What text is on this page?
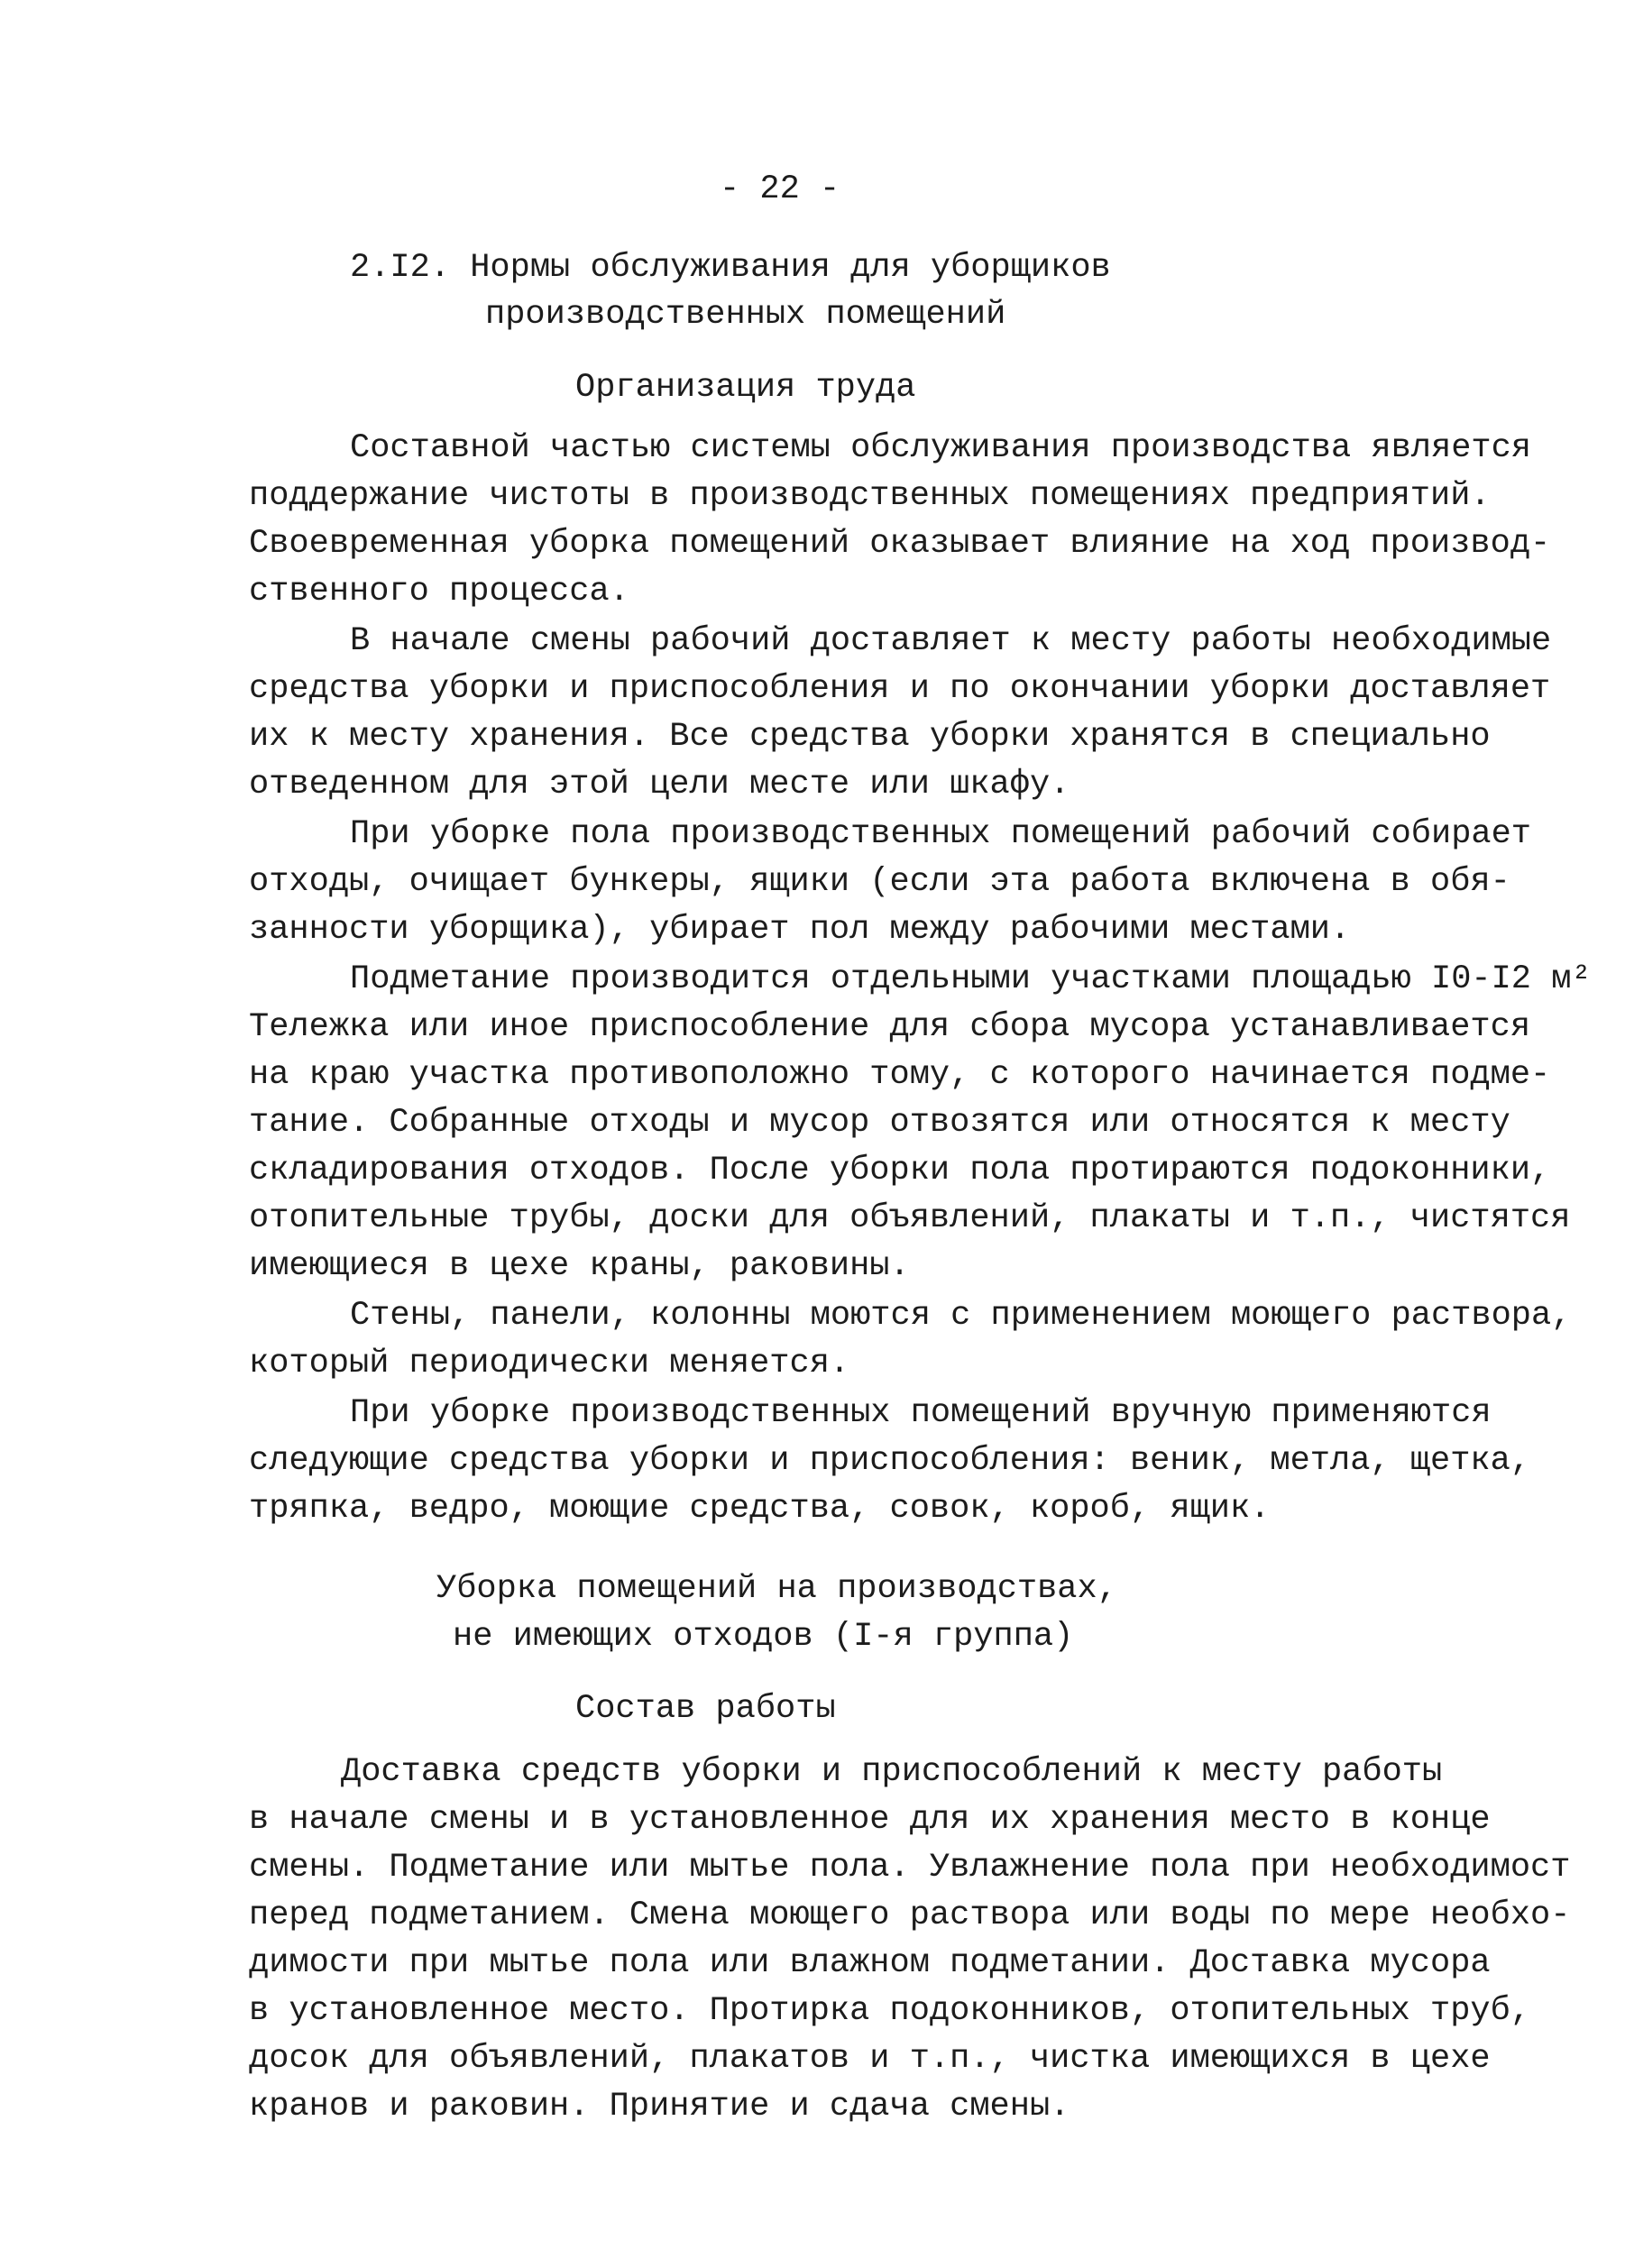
- 22 -
2.I2. Нормы обслуживания для уборщиков
производственных помещений
Организация труда
Составной частью системы обслуживания производства является
поддержание чистоты в производственных помещениях предприятий.
Своевременная уборка помещений оказывает влияние на ход производ-
ственного процесса.
В начале смены рабочий доставляет к месту работы необходимые
средства уборки и приспособления и по окончании уборки доставляет
их к месту хранения. Все средства уборки хранятся в специально
отведенном для этой цели месте или шкафу.
При уборке пола производственных помещений рабочий собирает
отходы, очищает бункеры, ящики (если эта работа включена в обя-
занности уборщика), убирает пол между рабочими местами.
Подметание производится отдельными участками площадью I0-I2 м²
Тележка или иное приспособление для сбора мусора устанавливается
на краю участка противоположно тому, с которого начинается подме-
тание. Собранные отходы и мусор отвозятся или относятся к месту
складирования отходов. После уборки пола протираются подоконники,
отопительные трубы, доски для объявлений, плакаты и т.п., чистятся
имеющиеся в цехе краны, раковины.
Стены, панели, колонны моются с применением моющего раствора,
который периодически меняется.
При уборке производственных помещений вручную применяются
следующие средства уборки и приспособления: веник, метла, щетка,
тряпка, ведро, моющие средства, совок, короб, ящик.
Уборка помещений на производствах,
не имеющих отходов (I-я группа)
Состав работы
Доставка средств уборки и приспособлений к месту работы
в начале смены и в установленное для их хранения место в конце
смены. Подметание или мытье пола. Увлажнение пола при необходимост
перед подметанием. Смена моющего раствора или воды по мере необхо-
димости при мытье пола или влажном подметании. Доставка мусора
в установленное место. Протирка подоконников, отопительных труб,
досок для объявлений, плакатов и т.п., чистка имеющихся в цехе
кранов и раковин. Принятие и сдача смены.
